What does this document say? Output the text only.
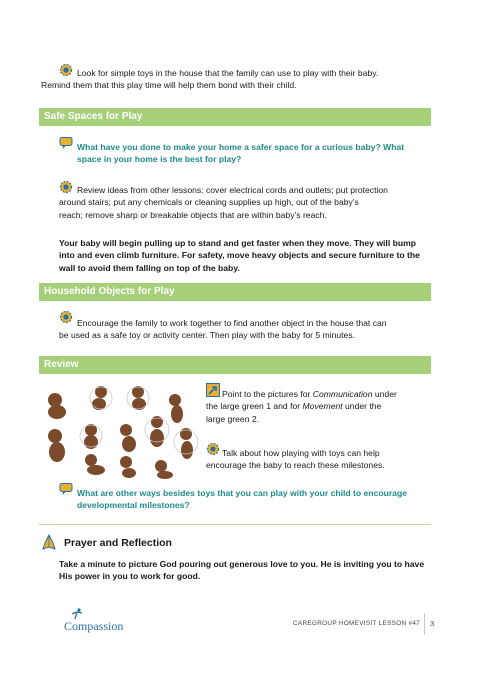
Look for simple toys in the house that the family can use to play with their baby.
Remind them that this play time will help them bond with their child.
Safe Spaces for Play
What have you done to make your home a safer space for a curious baby? What
space in your home is the best for play?
Review ideas from other lessons: cover electrical cords and outlets; put protection
around stairs; put any chemicals or cleaning supplies up high, out of the baby’s
reach; remove sharp or breakable objects that are within baby’s reach.
Your baby will begin pulling up to stand and get faster when they move. They will bump
into and even climb furniture. For safety, move heavy objects and secure furniture to the
wall to avoid them falling on top of the baby.
Household Objects for Play
Encourage the family to work together to find another object in the house that can
be used as a safe toy or activity center. Then play with the baby for 5 minutes.
Review
Point to the pictures for Communication under
the large green 1 and for Movement under the
large green 2.
Talk about how playing with toys can help
encourage the baby to reach these milestones.
What are other ways besides toys that you can play with your child to encourage
developmental milestones?
Prayer and Reflection
Take a minute to picture God pouring out generous love to you. He is inviting you to have
His power in you to work for good.
Compassion	CAREGROUP HOMEVISIT LESSON #47 3
